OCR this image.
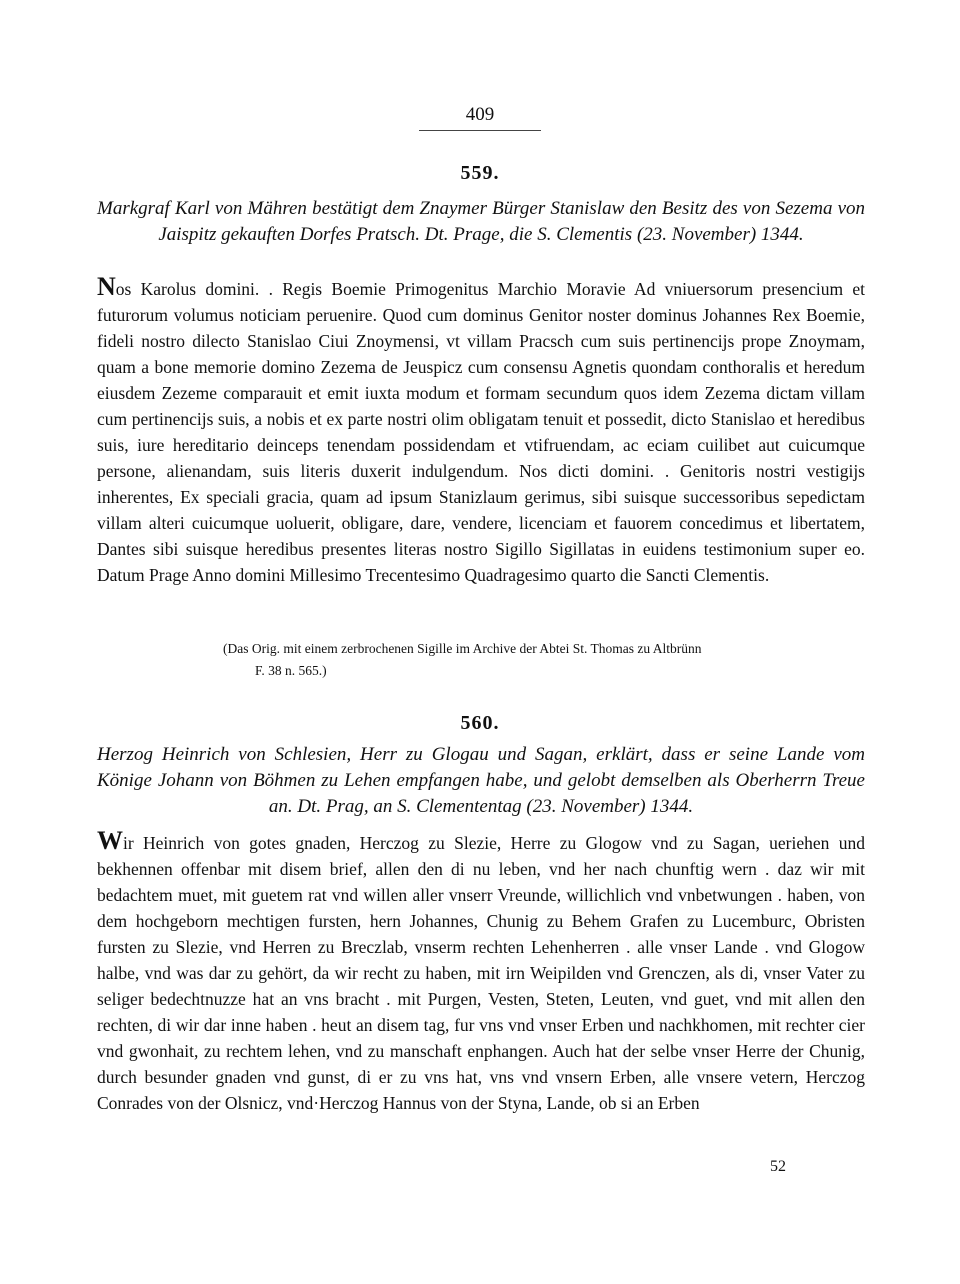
409
559.
Markgraf Karl von Mähren bestätigt dem Znaymer Bürger Stanislaw den Besitz des von Sezema von Jaispitz gekauften Dorfes Pratsch. Dt. Prage, die S. Clementis (23. November) 1344.
Nos Karolus domini. . Regis Boemie Primogenitus Marchio Moravie Ad vniuersorum presencium et futurorum volumus noticiam peruenire. Quod cum dominus Genitor noster dominus Johannes Rex Boemie, fideli nostro dilecto Stanislao Ciui Znoymensi, vt villam Pracsch cum suis pertinencijs prope Znoymam, quam a bone memorie domino Zezema de Jeuspicz cum consensu Agnetis quondam conthoralis et heredum eiusdem Zezeme comparauit et emit iuxta modum et formam secundum quos idem Zezema dictam villam cum pertinencijs suis, a nobis et ex parte nostri olim obligatam tenuit et possedit, dicto Stanislao et heredibus suis, iure hereditario deinceps tenendam possidendam et vtifruendam, ac eciam cuilibet aut cuicumque persone, alienandam, suis literis duxerit indulgendum. Nos dicti domini. . Genitoris nostri vestigijs inherentes, Ex speciali gracia, quam ad ipsum Stanizlaum gerimus, sibi suisque successoribus sepedictam villam alteri cuicumque uoluerit, obligare, dare, vendere, licenciam et fauorem concedimus et libertatem, Dantes sibi suisque heredibus presentes literas nostro Sigillo Sigillatas in euidens testimonium super eo. Datum Prage Anno domini Millesimo Trecentesimo Quadragesimo quarto die Sancti Clementis.
(Das Orig. mit einem zerbrochenen Sigille im Archive der Abtei St. Thomas zu Altbrünn
F. 38 n. 565.)
560.
Herzog Heinrich von Schlesien, Herr zu Glogau und Sagan, erklärt, dass er seine Lande vom Könige Johann von Böhmen zu Lehen empfangen habe, und gelobt demselben als Oberherrn Treue an. Dt. Prag, an S. Clemententag (23. November) 1344.
Wir Heinrich von gotes gnaden, Herczog zu Slezie, Herre zu Glogow vnd zu Sagan, ueriehen und bekhennen offenbar mit disem brief, allen den di nu leben, vnd her nach chunftig wern . daz wir mit bedachtem muet, mit guetem rat vnd willen aller vnserr Vreunde, willichlich vnd vnbetwungen . haben, von dem hochgeborn mechtigen fursten, hern Johannes, Chunig zu Behem Grafen zu Lucemburc, Obristen fursten zu Slezie, vnd Herren zu Breczlab, vnserm rechten Lehenherren . alle vnser Lande . vnd Glogow halbe, vnd was dar zu gehört, da wir recht zu haben, mit irn Weipilden vnd Grenczen, als di, vnser Vater zu seliger bedechtnuzze hat an vns bracht . mit Purgen, Vesten, Steten, Leuten, vnd guet, vnd mit allen den rechten, di wir dar inne haben . heut an disem tag, fur vns vnd vnser Erben und nachkhomen, mit rechter cier vnd gwonhait, zu rechtem lehen, vnd zu manschaft enphangen. Auch hat der selbe vnser Herre der Chunig, durch besunder gnaden vnd gunst, di er zu vns hat, vns vnd vnsern Erben, alle vnsere vetern, Herczog Conrades von der Olsnicz, vnd·Herczog Hannus von der Styna, Lande, ob si an Erben
52
